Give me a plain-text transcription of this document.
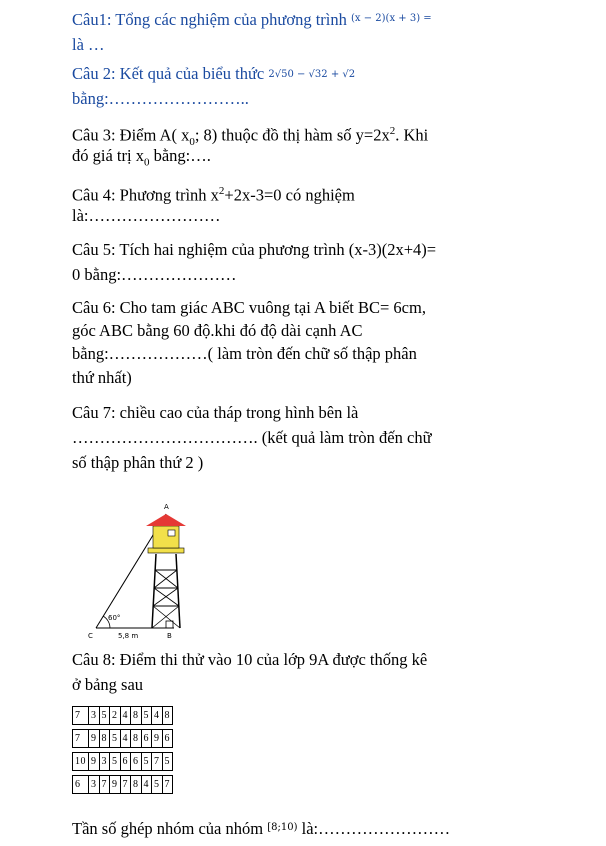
Câu1: Tổng các nghiệm của phương trình $^{(x - 2)(x + 3) =}$
là …
Câu 2: Kết quả của biểu thức 2√50 − √32 + √2
bằng:……………………..
Câu 3: Điểm A( $x_0$; 8) thuộc đồ thị hàm số $y=2x^2$. Khi
đó giá trị $x_0$ bằng:….
Câu 4: Phương trình $x^2+2x-3=0$ có nghiệm
là:……………………
Câu 5: Tích hai nghiệm của phương trình (x-3)(2x+4)=
0 bằng:…………………
Câu 6: Cho tam giác ABC vuông tại A biết BC= 6cm,
góc ABC bằng 60 độ.khi đó độ dài cạnh AC
bằng:………………( làm tròn đến chữ số thập phân
thứ nhất)
Câu 7: chiều cao của tháp trong hình bên là
……………………………. (kết quả làm tròn đến chữ
số thập phân thứ 2 )
A
C	B
60°
5,8 m
Câu 8: Điểm thi thử vào 10 của lớp 9A được thống kê
ở bảng sau
7	3	5	2	4	8	5	4	8

7	9	8	5	4	8	6	9	6

10	9	3	5	6	6	5	7	5

6	3	7	9	7	8	4	5	7
Tần số ghép nhóm của nhóm $^{[8;10)}$ là:……………………
